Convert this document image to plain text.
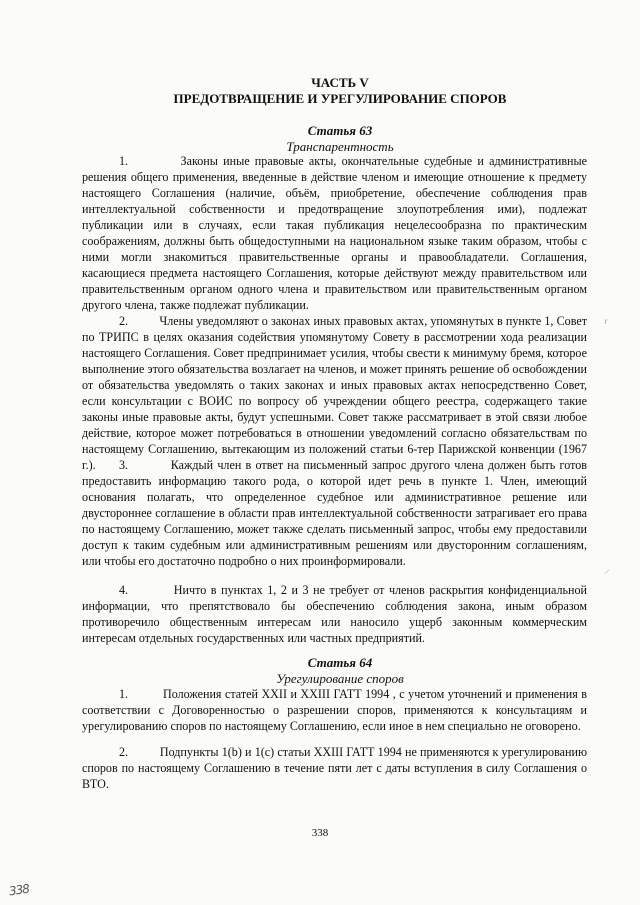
ЧАСТЬ V
ПРЕДОТВРАЩЕНИЕ И УРЕГУЛИРОВАНИЕ СПОРОВ
Статья 63
Транспарентность
1.          Законы иные правовые акты, окончательные судебные и административные решения общего применения, введенные в действие членом и имеющие отношение к предмету настоящего Соглашения (наличие, объём, приобретение, обеспечение соблюдения прав интеллектуальной собственности и предотвращение злоупотребления ими), подлежат публикации или в случаях, если такая публикация нецелесообразна по практическим соображениям, должны быть общедоступными на национальном языке таким образом, чтобы с ними могли знакомиться правительственные органы и правообладатели. Соглашения, касающиеся предмета настоящего Соглашения, которые действуют между правительством или правительственным органом одного члена и правительством или правительственным органом другого члена, также подлежат публикации.
2.          Члены уведомляют о законах иных правовых актах, упомянутых в пункте 1, Совет по ТРИПС в целях оказания содействия упомянутому Совету в рассмотрении хода реализации настоящего Соглашения. Совет предпринимает усилия, чтобы свести к минимуму бремя, которое выполнение этого обязательства возлагает на членов, и может принять решение об освобождении от обязательства уведомлять о таких законах и иных правовых актах непосредственно Совет, если консультации с ВОИС по вопросу об учреждении общего реестра, содержащего такие законы иные правовые акты, будут успешными. Совет также рассматривает в этой связи любое действие, которое может потребоваться в отношении уведомлений согласно обязательствам по настоящему Соглашению, вытекающим из положений статьи 6-тер Парижской конвенции (1967 г.).	3.          Каждый член в ответ на письменный запрос другого члена должен быть готов предоставить информацию такого рода, о которой идет речь в пункте 1. Член, имеющий основания полагать, что определенное судебное или административное решение или двустороннее соглашение в области прав интеллектуальной собственности затрагивает его права по настоящему Соглашению, может также сделать письменный запрос, чтобы ему предоставили доступ к таким судебным или административным решениям или двусторонним соглашениям, или чтобы его достаточно подробно о них проинформировали.
4.          Ничто в пунктах 1, 2 и 3 не требует от членов раскрытия конфиденциальной информации, что препятствовало бы обеспечению соблюдения закона, иным образом противоречило общественным интересам или наносило ущерб законным коммерческим интересам отдельных государственных или частных предприятий.
Статья 64
Урегулирование споров
1.          Положения статей XXII и XXIII ГАТТ 1994 , с учетом уточнений и применения в соответствии с Договоренностью о разрешении споров, применяются к консультациям и урегулированию споров по настоящему Соглашению, если иное в нем специально не оговорено.
2.          Подпункты 1(b) и 1(c) статьи XXIII ГАТТ 1994 не применяются к урегулированию споров по настоящему Соглашению в течение пяти лет с даты вступления в силу Соглашения о ВТО.
338
338
⸢
⸝
